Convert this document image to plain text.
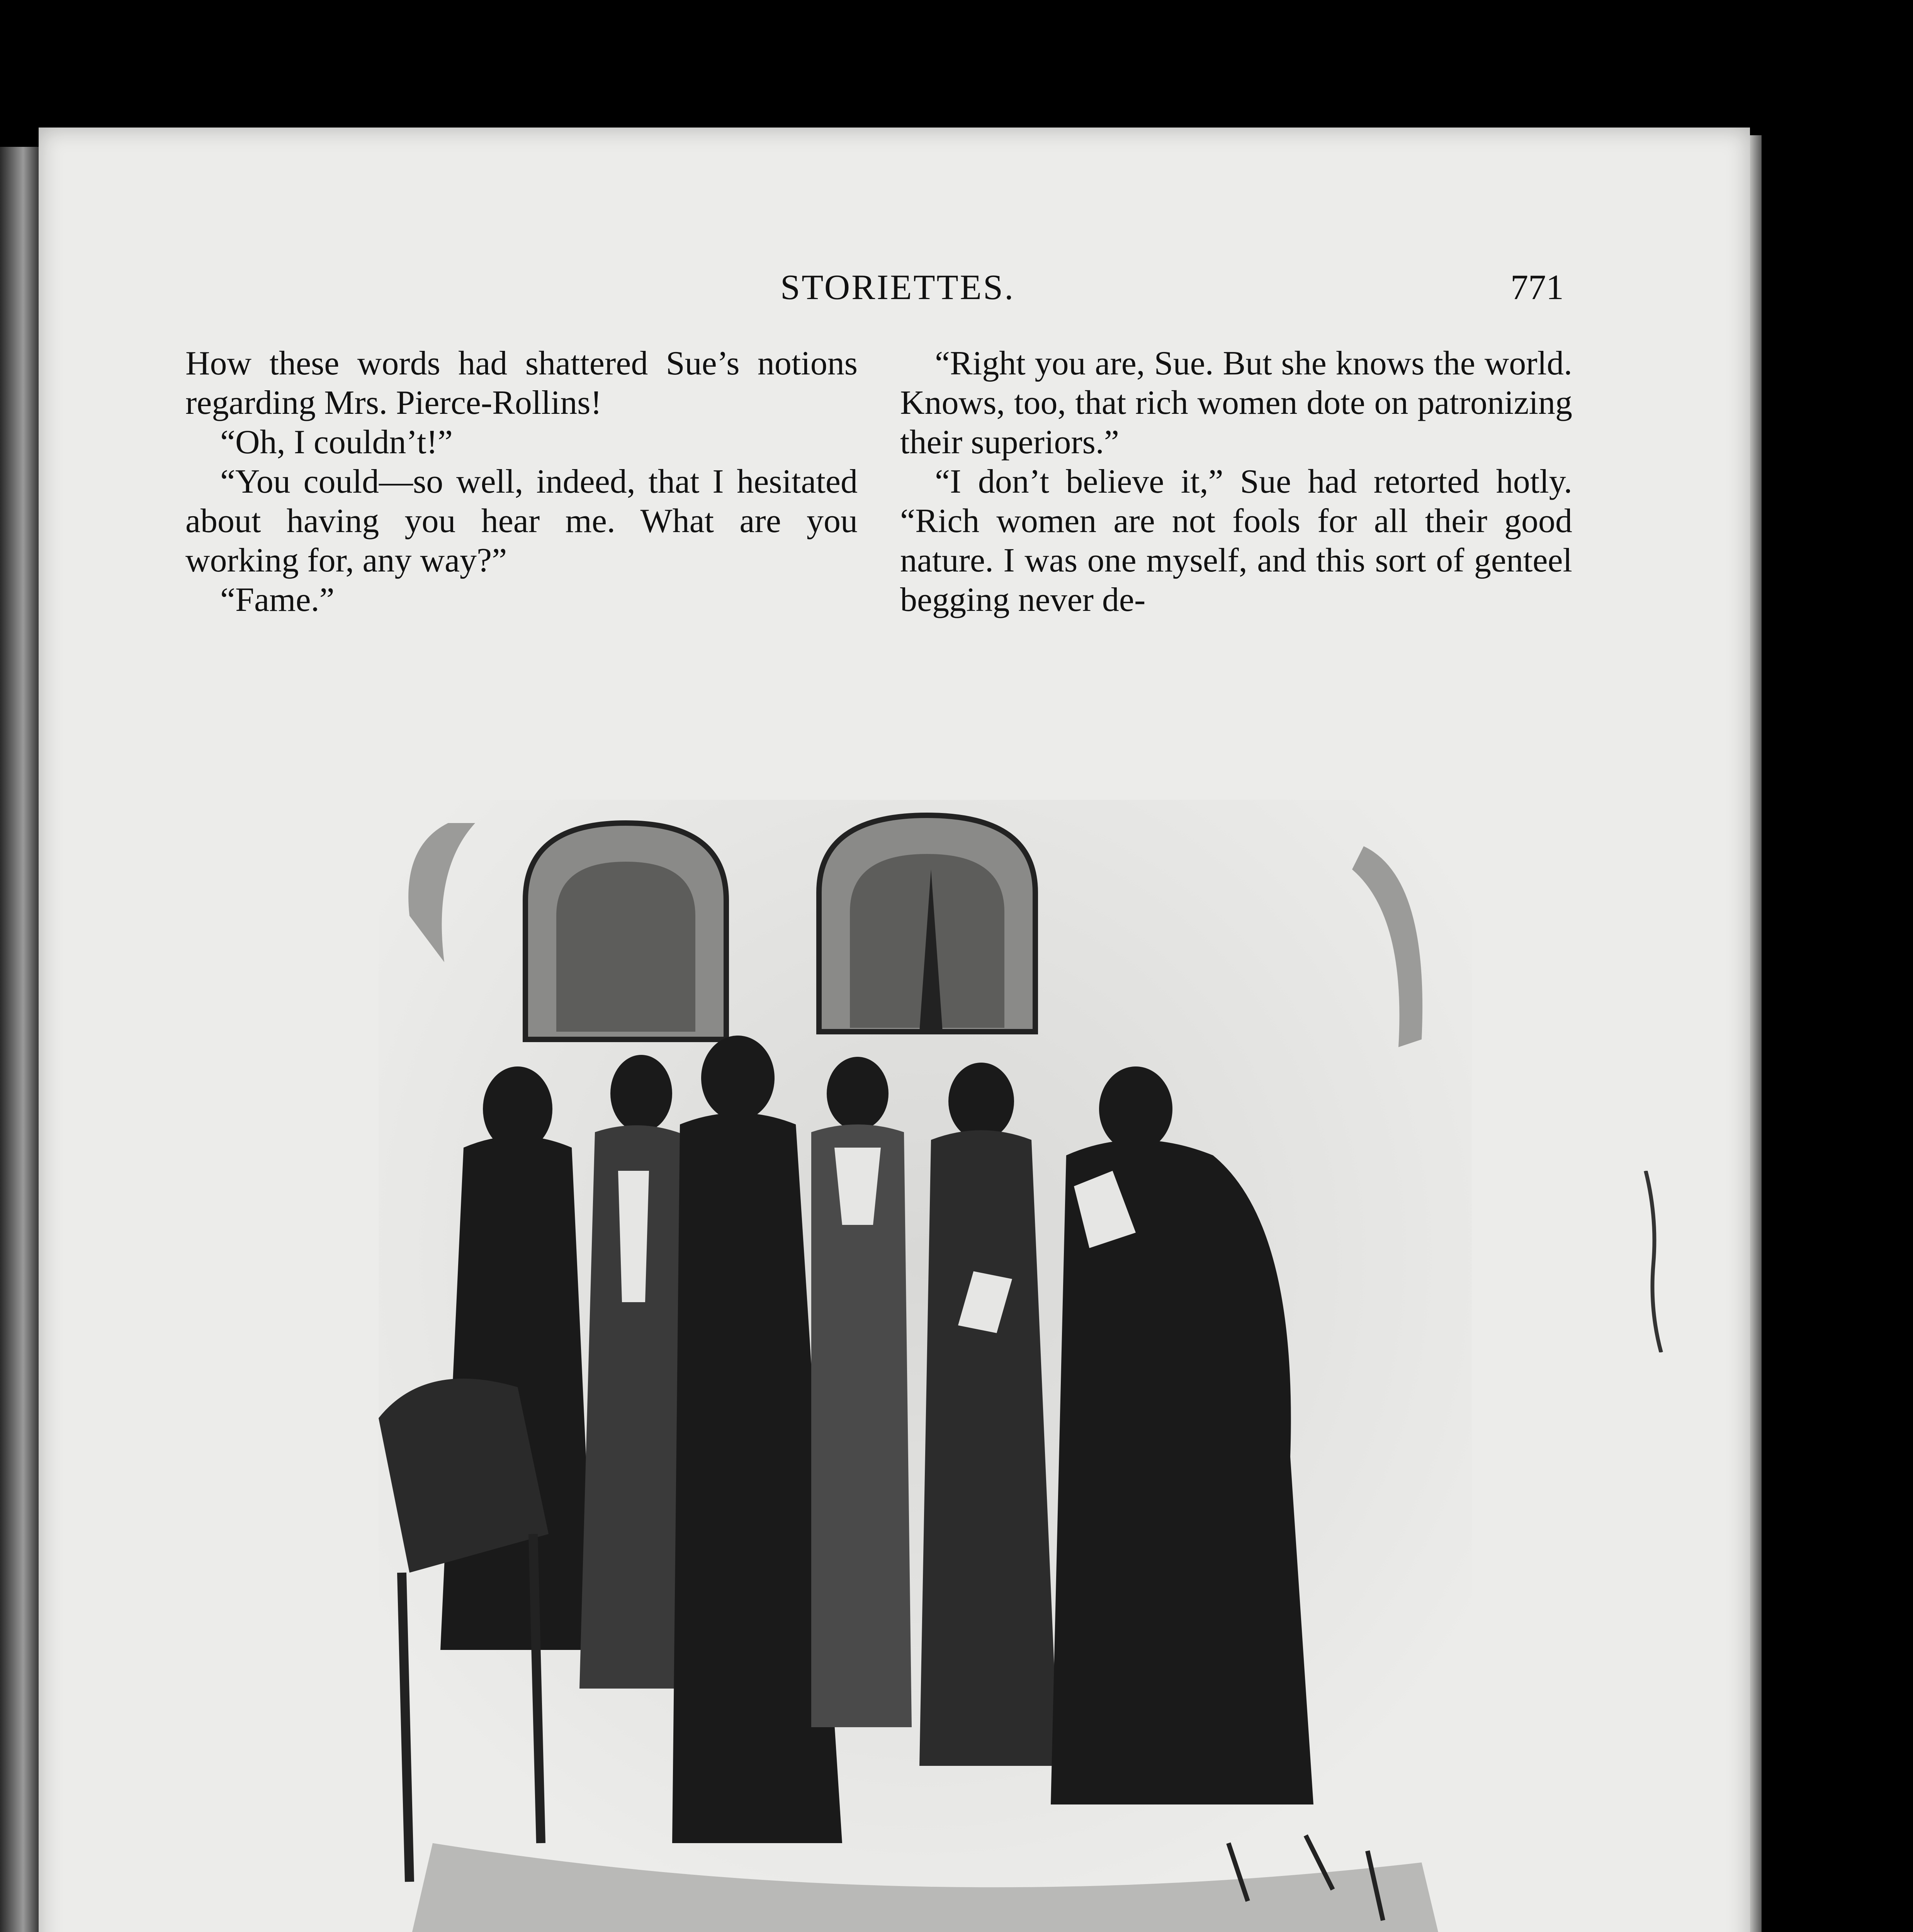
STORIETTES.	771

How these words had shattered Sue’s notions regarding Mrs. Pierce-Rollins!

“Oh, I couldn’t!”

“You could—so well, indeed, that I hesitated about having you hear me. What are you working for, any way?”

“Fame.”

“Right you are, Sue. But she knows the world. Knows, too, that rich women dote on patronizing their superiors.”

“I don’t believe it,” Sue had retorted hotly. “Rich women are not fools for all their good nature. I was one myself, and this sort of genteel begging never de-
